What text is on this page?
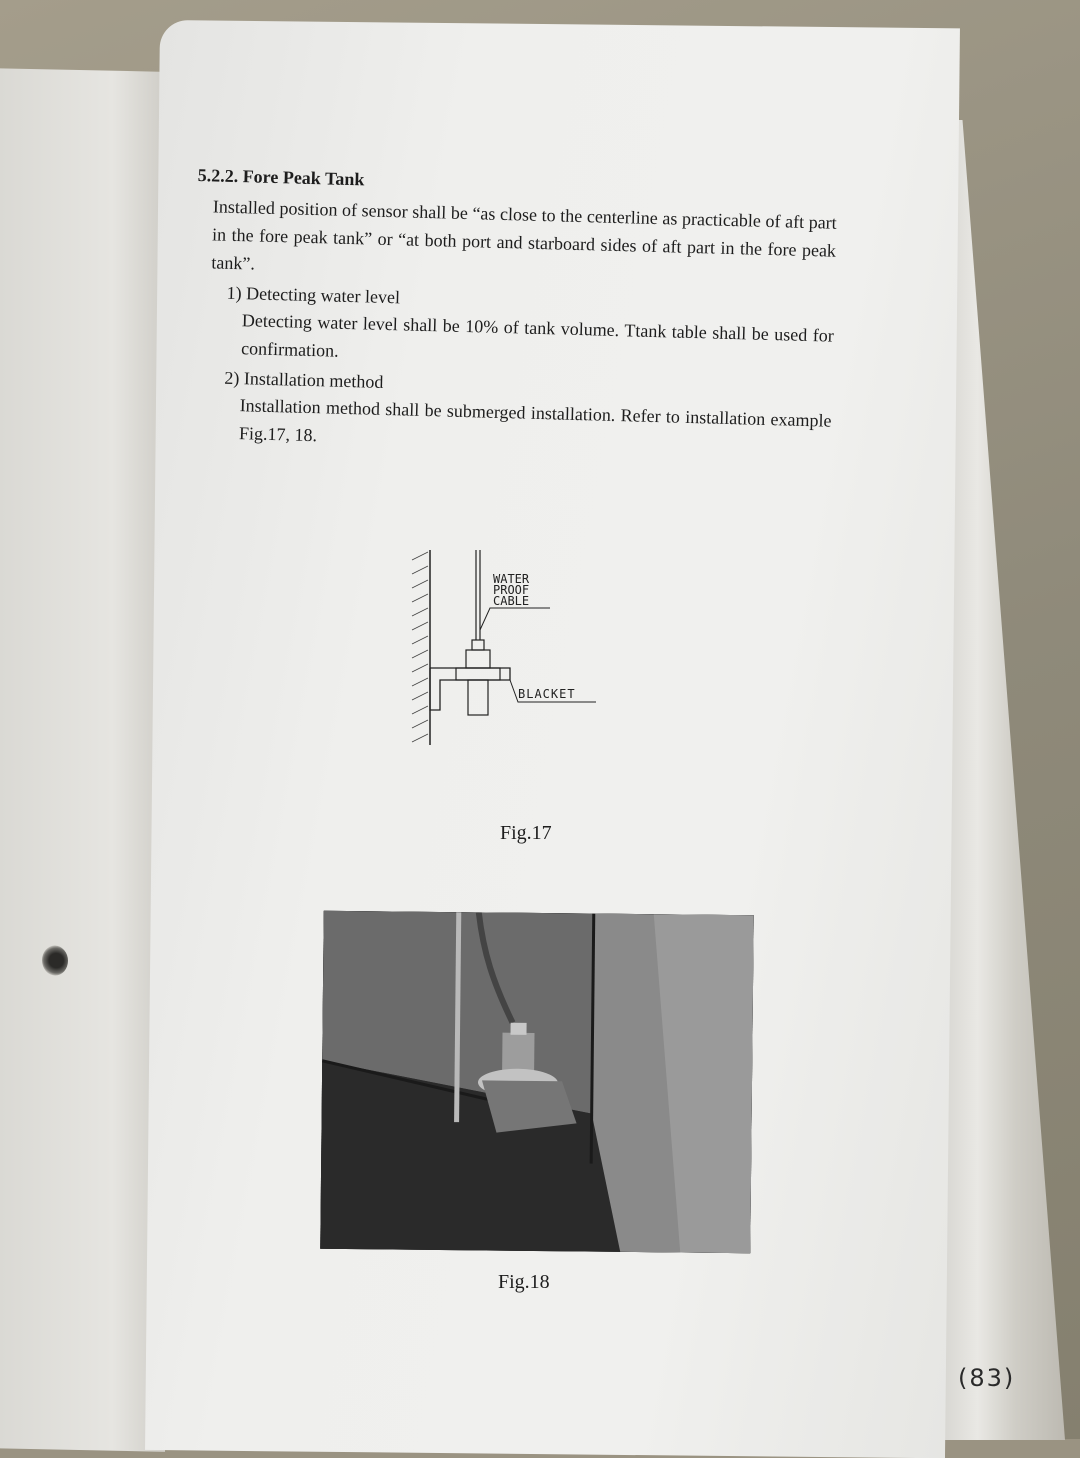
5.2.2. Fore Peak Tank

Installed position of sensor shall be “as close to the centerline as practicable of aft part in the fore peak tank” or “at both port and starboard sides of aft part in the fore peak tank”.

1) Detecting water level

Detecting water level shall be 10% of tank volume. Ttank table shall be used for confirmation.

2) Installation method

Installation method shall be submerged installation. Refer to installation example Fig.17, 18.

WATER
PROOF
CABLE
BLACKET
Fig.17
Fig.18
(83)
